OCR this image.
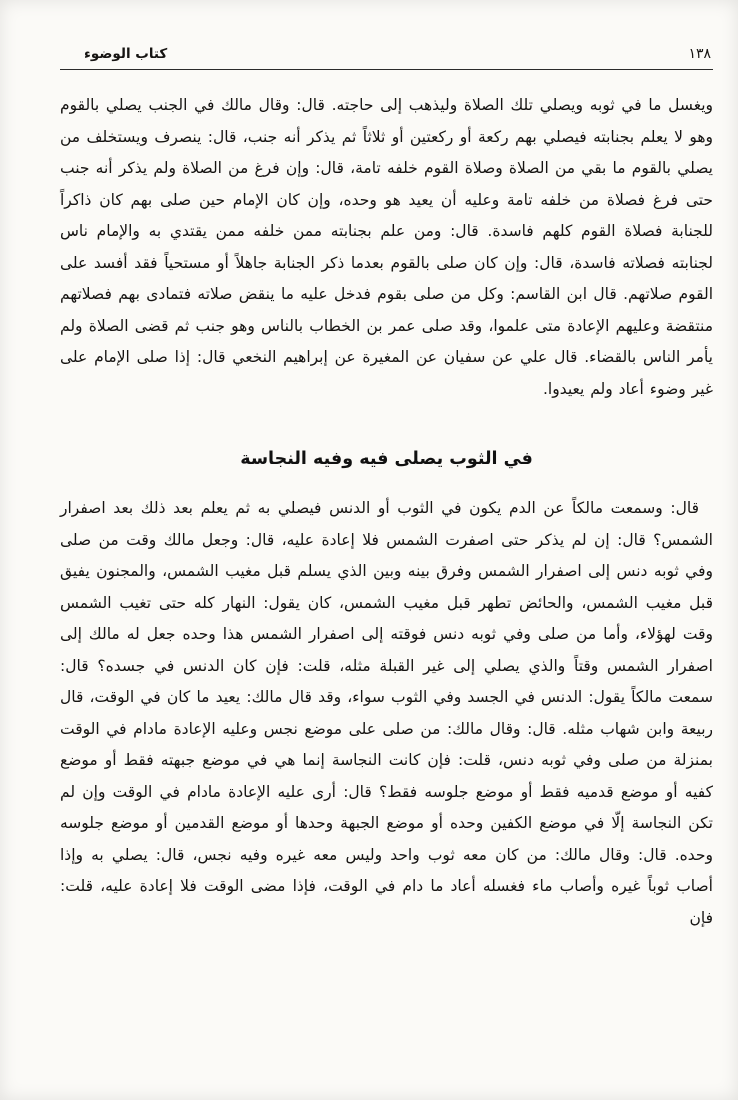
١٣٨
كتاب الوضوء

ويغسل ما في ثوبه ويصلي تلك الصلاة وليذهب إلى حاجته. قال: وقال مالك في الجنب يصلي بالقوم وهو لا يعلم بجنابته فيصلي بهم ركعة أو ركعتين أو ثلاثاً ثم يذكر أنه جنب، قال: ينصرف ويستخلف من يصلي بالقوم ما بقي من الصلاة وصلاة القوم خلفه تامة، قال: وإن فرغ من الصلاة ولم يذكر أنه جنب حتى فرغ فصلاة من خلفه تامة وعليه أن يعيد هو وحده، وإن كان الإمام حين صلى بهم كان ذاكراً للجنابة فصلاة القوم كلهم فاسدة. قال: ومن علم بجنابته ممن خلفه ممن يقتدي به والإمام ناس لجنابته فصلاته فاسدة، قال: وإن كان صلى بالقوم بعدما ذكر الجنابة جاهلاً أو مستحياً فقد أفسد على القوم صلاتهم. قال ابن القاسم: وكل من صلى بقوم فدخل عليه ما ينقض صلاته فتمادى بهم فصلاتهم منتقضة وعليهم الإعادة متى علموا، وقد صلى عمر بن الخطاب بالناس وهو جنب ثم قضى الصلاة ولم يأمر الناس بالقضاء. قال علي عن سفيان عن المغيرة عن إبراهيم النخعي قال: إذا صلى الإمام على غير وضوء أعاد ولم يعيدوا.

في الثوب يصلى فيه وفيه النجاسة

قال: وسمعت مالكاً عن الدم يكون في الثوب أو الدنس فيصلي به ثم يعلم بعد ذلك بعد اصفرار الشمس؟ قال: إن لم يذكر حتى اصفرت الشمس فلا إعادة عليه، قال: وجعل مالك وقت من صلى وفي ثوبه دنس إلى اصفرار الشمس وفرق بينه وبين الذي يسلم قبل مغيب الشمس، والمجنون يفيق قبل مغيب الشمس، والحائض تطهر قبل مغيب الشمس، كان يقول: النهار كله حتى تغيب الشمس وقت لهؤلاء، وأما من صلى وفي ثوبه دنس فوقته إلى اصفرار الشمس هذا وحده جعل له مالك إلى اصفرار الشمس وقتاً والذي يصلي إلى غير القبلة مثله، قلت: فإن كان الدنس في جسده؟ قال: سمعت مالكاً يقول: الدنس في الجسد وفي الثوب سواء، وقد قال مالك: يعيد ما كان في الوقت، قال ربيعة وابن شهاب مثله. قال: وقال مالك: من صلى على موضع نجس وعليه الإعادة مادام في الوقت بمنزلة من صلى وفي ثوبه دنس، قلت: فإن كانت النجاسة إنما هي في موضع جبهته فقط أو موضع كفيه أو موضع قدميه فقط أو موضع جلوسه فقط؟ قال: أرى عليه الإعادة مادام في الوقت وإن لم تكن النجاسة إلّا في موضع الكفين وحده أو موضع الجبهة وحدها أو موضع القدمين أو موضع جلوسه وحده. قال: وقال مالك: من كان معه ثوب واحد وليس معه غيره وفيه نجس، قال: يصلي به وإذا أصاب ثوباً غيره وأصاب ماء فغسله أعاد ما دام في الوقت، فإذا مضى الوقت فلا إعادة عليه، قلت: فإن
